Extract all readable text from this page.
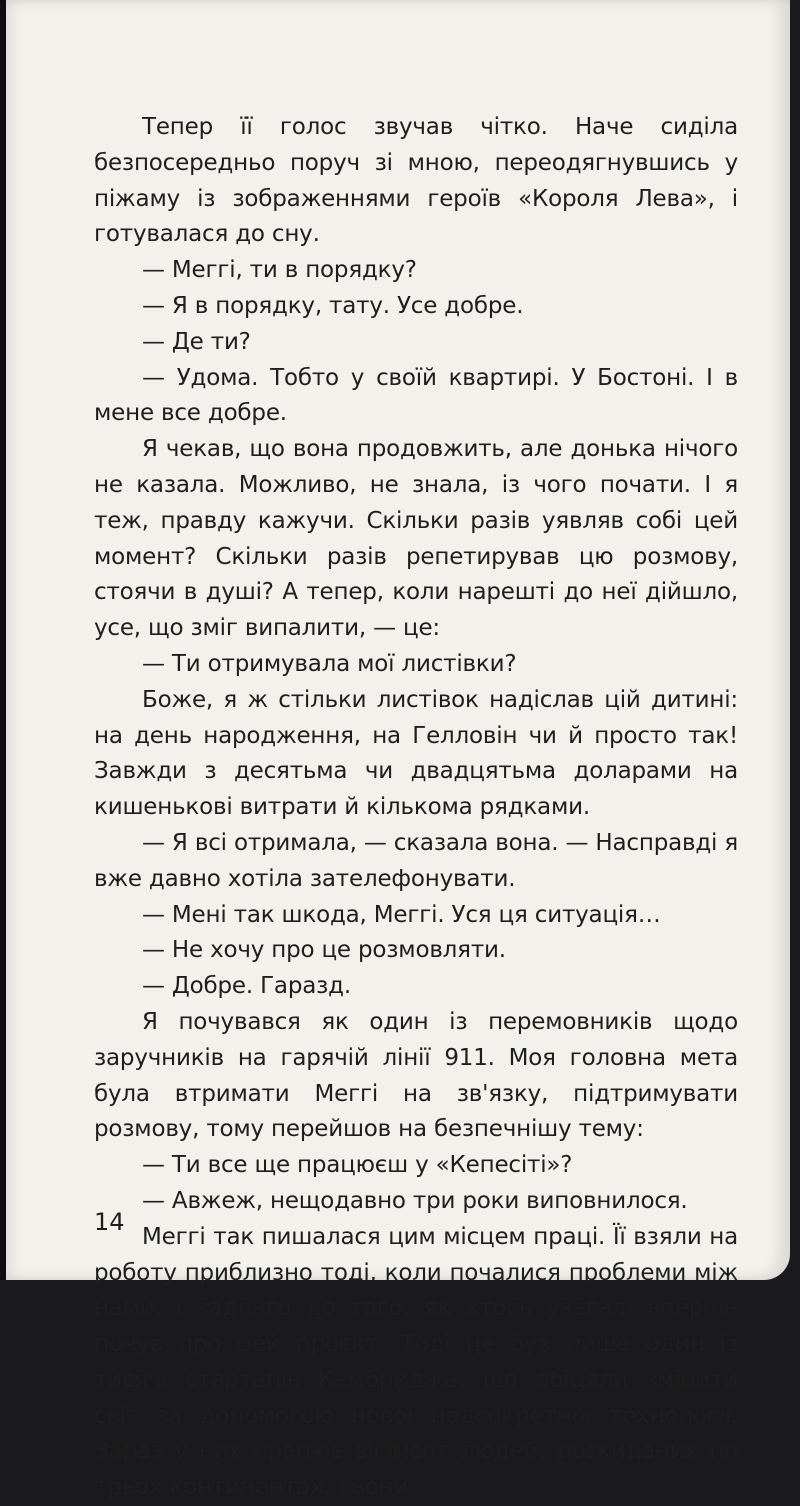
Тепер її голос звучав чітко. Наче сиділа безпосередньо поруч зі мною, переодягнувшись у піжаму із зображеннями героїв «Короля Лева», і готувалася до сну.

— Меггі, ти в порядку?

— Я в порядку, тату. Усе добре.

— Де ти?

— Удома. Тобто у своїй квартирі. У Бостоні. І в мене все добре.

Я чекав, що вона продовжить, але донька нічого не казала. Можливо, не знала, із чого почати. І я теж, правду кажучи. Скільки разів уявляв собі цей момент? Скільки разів репетирував цю розмову, стоячи в душі? А тепер, коли нарешті до неї дійшло, усе, що зміг випалити, — це:

— Ти отримувала мої листівки?

Боже, я ж стільки листівок надіслав цій дитині: на день народження, на Гелловін чи й просто так! Завжди з десятьма чи двадцятьма доларами на кишенькові витрати й кількома рядками.

— Я всі отримала, — сказала вона. — Насправді я вже давно хотіла зателефонувати.

— Мені так шкода, Меггі. Уся ця ситуація…

— Не хочу про це розмовляти.

— Добре. Гаразд.

Я почувався як один із перемовників щодо заручників на гарячій лінії 911. Моя головна мета була втримати Меггі на зв'язку, підтримувати розмову, тому перейшов на безпечнішу тему:

— Ти все ще працюєш у «Кепесіті»?

— Авжеж, нещодавно три роки виповнилося.

Меггі так пишалася цим місцем праці. Її взяли на роботу приблизно тоді, коли почалися проблеми між нами, і задовго до того, як хтось узагалі вперше почув про цей проєкт. Тоді це був лише один із тисячі стартапів Кембриджа, що обіцяли змінити світ за допомогою нової надсекретної технології. Зараз у них працює вісімсот людей, розкиданих по трьох континентах, і вони

14
